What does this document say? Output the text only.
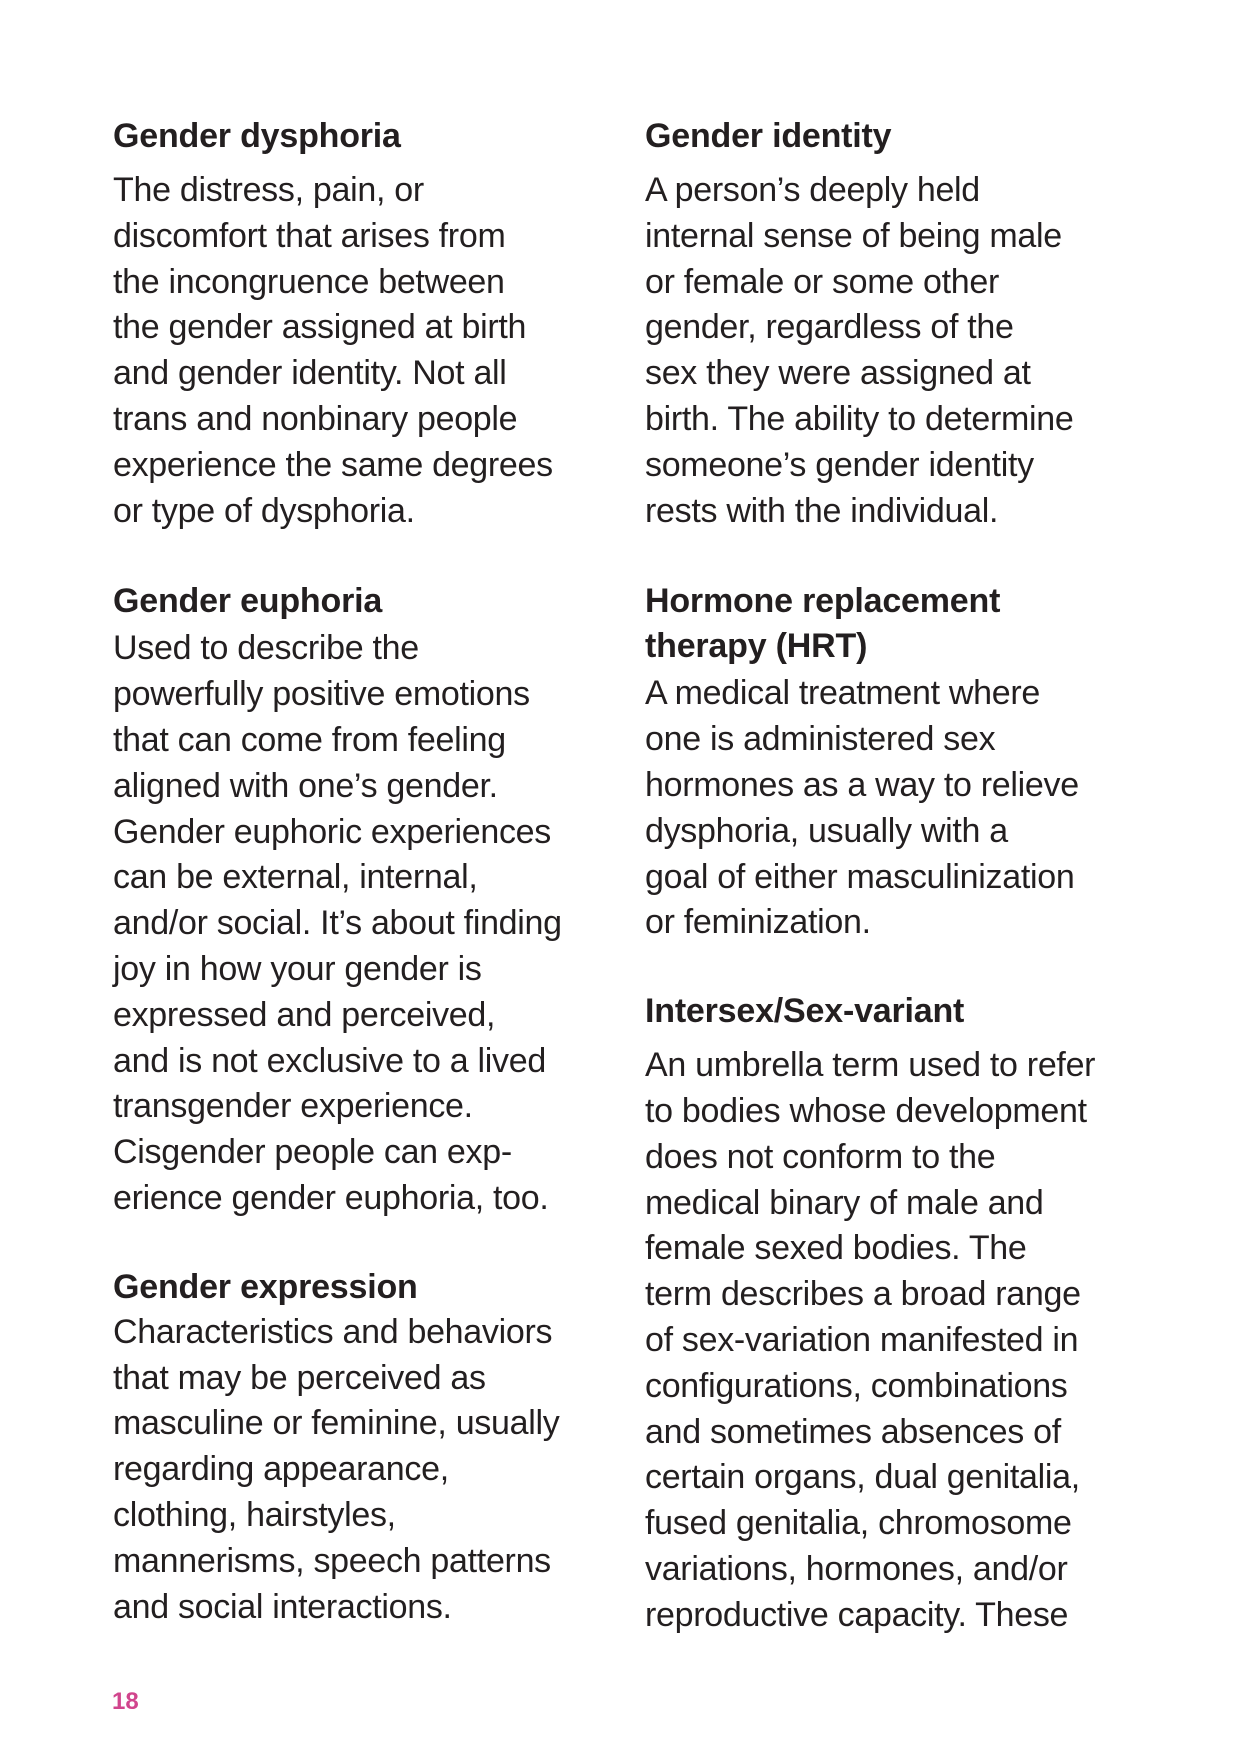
Gender dysphoria

The distress, pain, or
discomfort that arises from
the incongruence between
the gender assigned at birth
and gender identity. Not all
trans and nonbinary people
experience the same degrees
or type of dysphoria.

Gender euphoria

Used to describe the
powerfully positive emotions
that can come from feeling
aligned with one’s gender.
Gender euphoric experiences
can be external, internal,
and/or social. It’s about finding
joy in how your gender is
expressed and perceived,
and is not exclusive to a lived
transgender experience.
Cisgender people can exp-
erience gender euphoria, too.

Gender expression

Characteristics and behaviors
that may be perceived as
masculine or feminine, usually
regarding appearance,
clothing, hairstyles,
mannerisms, speech patterns
and social interactions.

Gender identity

A person’s deeply held
internal sense of being male
or female or some other
gender, regardless of the
sex they were assigned at
birth. The ability to determine
someone’s gender identity
rests with the individual.

Hormone replacement
therapy (HRT)

A medical treatment where
one is administered sex
hormones as a way to relieve
dysphoria, usually with a
goal of either masculinization
or feminization.

Intersex/Sex-variant

An umbrella term used to refer
to bodies whose development
does not conform to the
medical binary of male and
female sexed bodies. The
term describes a broad range
of sex-variation manifested in
configurations, combinations
and sometimes absences of
certain organs, dual genitalia,
fused genitalia, chromosome
variations, hormones, and/or
reproductive capacity. These

18
